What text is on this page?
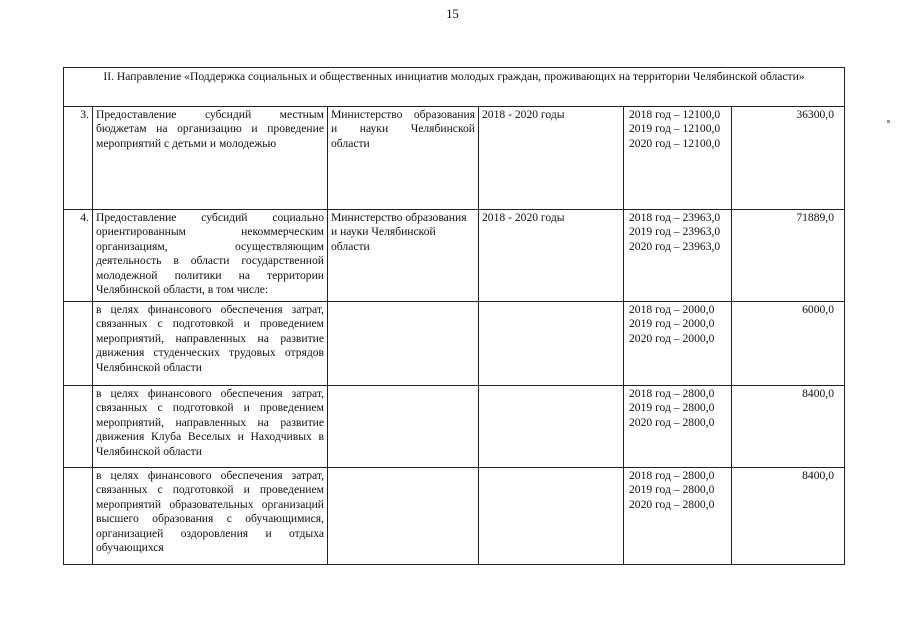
15
II. Направление «Поддержка социальных и общественных инициатив молодых граждан, проживающих на территории Челябинской области»					
3.	Предоставление субсидий местным бюджетам на организацию и проведение мероприятий с детьми и молодежью	Министерство образования и науки Челябинской области	2018 - 2020 годы	2018 год – 12100,0
2019 год – 12100,0
2020 год – 12100,0	36300,0
4.	Предоставление субсидий социально ориентированным некоммерческим организациям, осуществляющим деятельность в области государственной молодежной политики на территории Челябинской области, в том числе:	Министерство образования и науки Челябинской области	2018 - 2020 годы	2018 год – 23963,0
2019 год – 23963,0
2020 год – 23963,0	71889,0
	в целях финансового обеспечения затрат, связанных с подготовкой и проведением мероприятий, направленных на развитие движения студенческих трудовых отрядов Челябинской области			2018 год – 2000,0
2019 год – 2000,0
2020 год – 2000,0	6000,0
	в целях финансового обеспечения затрат, связанных с подготовкой и проведением мероприятий, направленных на развитие движения Клуба Веселых и Находчивых в Челябинской области			2018 год – 2800,0
2019 год – 2800,0
2020 год – 2800,0	8400,0
	в целях финансового обеспечения затрат, связанных с подготовкой и проведением мероприятий образовательных организаций высшего образования с обучающимися, организацией оздоровления и отдыха обучающихся			2018 год – 2800,0
2019 год – 2800,0
2020 год – 2800,0	8400,0
